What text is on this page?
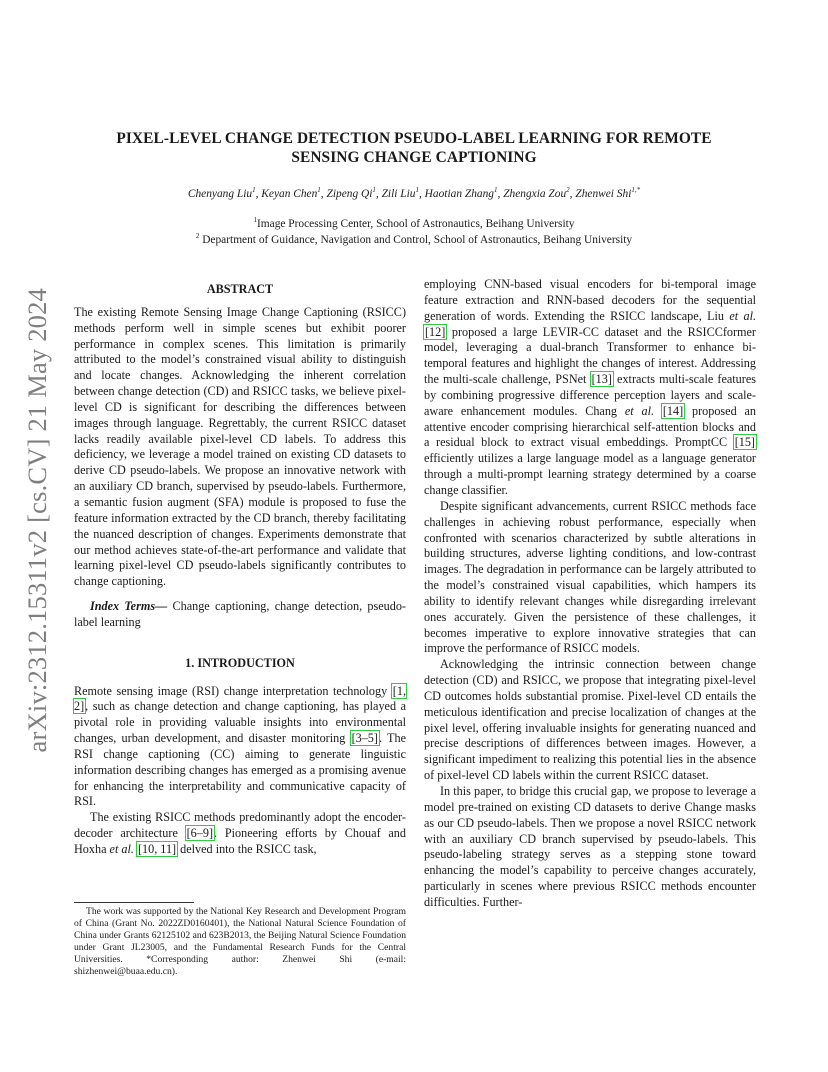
arXiv:2312.15311v2 [cs.CV] 21 May 2024
PIXEL-LEVEL CHANGE DETECTION PSEUDO-LABEL LEARNING FOR REMOTE
SENSING CHANGE CAPTIONING
Chenyang Liu$^1$, Keyan Chen$^1$, Zipeng Qi$^1$, Zili Liu$^1$, Haotian Zhang$^1$, Zhengxia Zou$^2$, Zhenwei Shi$^{1,*}$
$^1$Image Processing Center, School of Astronautics, Beihang University
$^2$ Department of Guidance, Navigation and Control, School of Astronautics, Beihang University
ABSTRACT

The existing Remote Sensing Image Change Captioning (RSICC) methods perform well in simple scenes but exhibit poorer performance in complex scenes. This limitation is primarily attributed to the model’s constrained visual ability to distinguish and locate changes. Acknowledging the inherent correlation between change detection (CD) and RSICC tasks, we believe pixel-level CD is significant for describing the differences between images through language. Regrettably, the current RSICC dataset lacks readily available pixel-level CD labels. To address this deficiency, we leverage a model trained on existing CD datasets to derive CD pseudo-labels. We propose an innovative network with an auxiliary CD branch, supervised by pseudo-labels. Furthermore, a semantic fusion augment (SFA) module is proposed to fuse the feature information extracted by the CD branch, thereby facilitating the nuanced description of changes. Experiments demonstrate that our method achieves state-of-the-art performance and validate that learning pixel-level CD pseudo-labels significantly contributes to change captioning.

Index Terms— Change captioning, change detection, pseudo-label learning

1. INTRODUCTION

Remote sensing image (RSI) change interpretation technology [1, 2], such as change detection and change captioning, has played a pivotal role in providing valuable insights into environmental changes, urban development, and disaster monitoring [3–5]. The RSI change captioning (CC) aiming to generate linguistic information describing changes has emerged as a promising avenue for enhancing the interpretability and communicative capacity of RSI.

The existing RSICC methods predominantly adopt the encoder-decoder architecture [6–9]. Pioneering efforts by Chouaf and Hoxha et al. [10, 11] delved into the RSICC task,

The work was supported by the National Key Research and Development Program of China (Grant No. 2022ZD0160401), the National Natural Science Foundation of China under Grants 62125102 and 623B2013, the Beijing Natural Science Foundation under Grant JL23005, and the Fundamental Research Funds for the Central Universities. *Corresponding author: Zhenwei Shi (e-mail: shizhenwei@buaa.edu.cn).

employing CNN-based visual encoders for bi-temporal image feature extraction and RNN-based decoders for the sequential generation of words. Extending the RSICC landscape, Liu et al. [12] proposed a large LEVIR-CC dataset and the RSICCformer model, leveraging a dual-branch Transformer to enhance bi-temporal features and highlight the changes of interest. Addressing the multi-scale challenge, PSNet [13] extracts multi-scale features by combining progressive difference perception layers and scale-aware enhancement modules. Chang et al. [14] proposed an attentive encoder comprising hierarchical self-attention blocks and a residual block to extract visual embeddings. PromptCC [15] efficiently utilizes a large language model as a language generator through a multi-prompt learning strategy determined by a coarse change classifier.

Despite significant advancements, current RSICC methods face challenges in achieving robust performance, especially when confronted with scenarios characterized by subtle alterations in building structures, adverse lighting conditions, and low-contrast images. The degradation in performance can be largely attributed to the model’s constrained visual capabilities, which hampers its ability to identify relevant changes while disregarding irrelevant ones accurately. Given the persistence of these challenges, it becomes imperative to explore innovative strategies that can improve the performance of RSICC models.

Acknowledging the intrinsic connection between change detection (CD) and RSICC, we propose that integrating pixel-level CD outcomes holds substantial promise. Pixel-level CD entails the meticulous identification and precise localization of changes at the pixel level, offering invaluable insights for generating nuanced and precise descriptions of differences between images. However, a significant impediment to realizing this potential lies in the absence of pixel-level CD labels within the current RSICC dataset.

In this paper, to bridge this crucial gap, we propose to leverage a model pre-trained on existing CD datasets to derive Change masks as our CD pseudo-labels. Then we propose a novel RSICC network with an auxiliary CD branch supervised by pseudo-labels. This pseudo-labeling strategy serves as a stepping stone toward enhancing the model’s capability to perceive changes accurately, particularly in scenes where previous RSICC methods encounter difficulties. Further-
